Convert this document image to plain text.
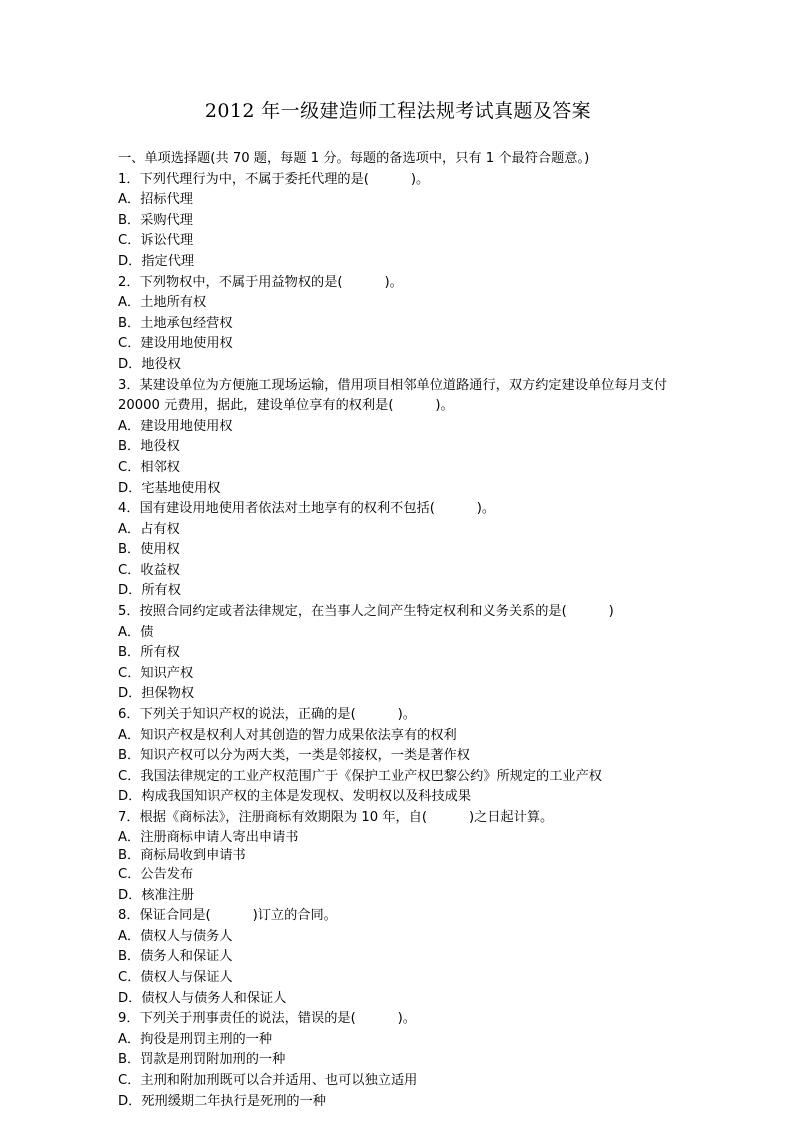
2012 年一级建造师工程法规考试真题及答案
一、单项选择题(共 70 题，每题 1 分。每题的备选项中，只有 1 个最符合题意。)
1．下列代理行为中，不属于委托代理的是(          )。
A．招标代理
B．采购代理
C．诉讼代理
D．指定代理
2．下列物权中，不属于用益物权的是(          )。
A．土地所有权
B．土地承包经营权
C．建设用地使用权
D．地役权
3．某建设单位为方便施工现场运输，借用项目相邻单位道路通行，双方约定建设单位每月支付 20000 元费用，据此，建设单位享有的权利是(          )。
A．建设用地使用权
B．地役权
C．相邻权
D．宅基地使用权
4．国有建设用地使用者依法对土地享有的权利不包括(          )。
A．占有权
B．使用权
C．收益权
D．所有权
5．按照合同约定或者法律规定，在当事人之间产生特定权利和义务关系的是(          )
A．债
B．所有权
C．知识产权
D．担保物权
6．下列关于知识产权的说法，正确的是(          )。
A．知识产权是权利人对其创造的智力成果依法享有的权利
B．知识产权可以分为两大类，一类是邻接权，一类是著作权
C．我国法律规定的工业产权范围广于《保护工业产权巴黎公约》所规定的工业产权
D．构成我国知识产权的主体是发现权、发明权以及科技成果
7．根据《商标法》，注册商标有效期限为 10 年，自(          )之日起计算。
A．注册商标申请人寄出申请书
B．商标局收到申请书
C．公告发布
D．核准注册
8．保证合同是(          )订立的合同。
A．债权人与债务人
B．债务人和保证人
C．债权人与保证人
D．债权人与债务人和保证人
9．下列关于刑事责任的说法，错误的是(          )。
A．拘役是刑罚主刑的一种
B．罚款是刑罚附加刑的一种
C．主刑和附加刑既可以合并适用、也可以独立适用
D．死刑缓期二年执行是死刑的一种
